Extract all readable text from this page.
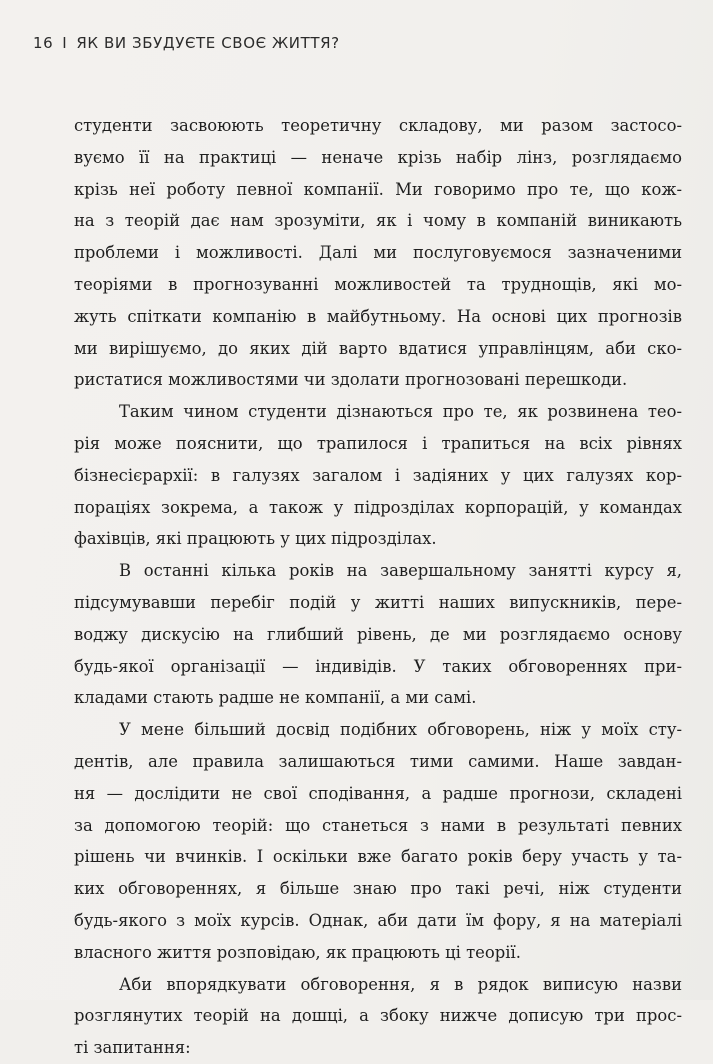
16 I ЯК ВИ ЗБУДУЄТЕ СВОЄ ЖИТТЯ?
студенти засвоюють теоретичну складову, ми разом застосо-
вуємо її на практиці — неначе крізь набір лінз, розглядаємо
крізь неї роботу певної компанії. Ми говоримо про те, що кож-
на з теорій дає нам зрозуміти, як і чому в компаній виникають
проблеми і можливості. Далі ми послуговуємося зазначеними
теоріями в прогнозуванні можливостей та труднощів, які мо-
жуть спіткати компанію в майбутньому. На основі цих прогнозів
ми вирішуємо, до яких дій варто вдатися управлінцям, аби ско-
ристатися можливостями чи здолати прогнозовані перешкоди.
Таким чином студенти дізнаються про те, як розвинена тео-
рія може пояснити, що трапилося і трапиться на всіх рівнях
бізнесієрархії: в галузях загалом і задіяних у цих галузях кор-
пораціях зокрема, а також у підрозділах корпорацій, у командах
фахівців, які працюють у цих підрозділах.
В останні кілька років на завершальному занятті курсу я,
підсумувавши перебіг подій у житті наших випускників, пере-
воджу дискусію на глибший рівень, де ми розглядаємо основу
будь-якої організації — індивідів. У таких обговореннях при-
кладами стають радше не компанії, а ми самі.
У мене більший досвід подібних обговорень, ніж у моїх сту-
дентів, але правила залишаються тими самими. Наше завдан-
ня — дослідити не свої сподівання, а радше прогнози, складені
за допомогою теорій: що станеться з нами в результаті певних
рішень чи вчинків. І оскільки вже багато років беру участь у та-
ких обговореннях, я більше знаю про такі речі, ніж студенти
будь-якого з моїх курсів. Однак, аби дати їм фору, я на матеріалі
власного життя розповідаю, як працюють ці теорії.
Аби впорядкувати обговорення, я в рядок виписую назви
розглянутих теорій на дошці, а збоку нижче дописую три прос-
ті запитання:
